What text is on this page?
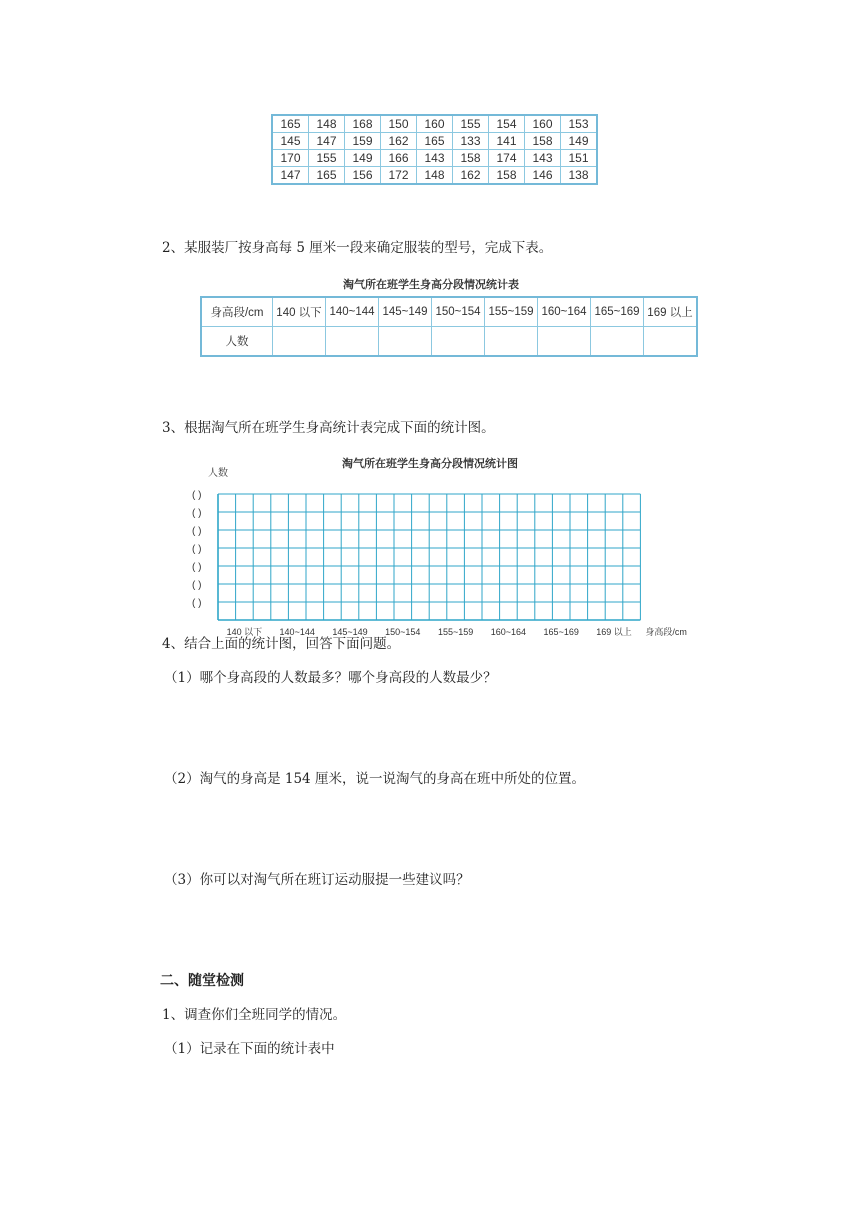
165	148	168	150	160	155	154	160	153
145	147	159	162	165	133	141	158	149
170	155	149	166	143	158	174	143	151
147	165	156	172	148	162	158	146	138
2、某服装厂按身高每 5 厘米一段来确定服装的型号，完成下表。
淘气所在班学生身高分段情况统计表
身高段/cm	140 以下	140~144	145~149	150~154	155~159	160~164	165~169	169 以上
人数								
3、根据淘气所在班学生身高统计表完成下面的统计图。
淘气所在班学生身高分段情况统计图
人数
( )
( )
( )
( )
( )
( )
( )
140 以下 140~144 145~149 150~154 155~159 160~164 165~169 169 以上 身高段/cm
4、结合上面的统计图，回答下面问题。
（1）哪个身高段的人数最多？哪个身高段的人数最少？
（2）淘气的身高是 154 厘米，说一说淘气的身高在班中所处的位置。
（3）你可以对淘气所在班订运动服提一些建议吗？
二、随堂检测
1、调查你们全班同学的情况。
（1）记录在下面的统计表中
